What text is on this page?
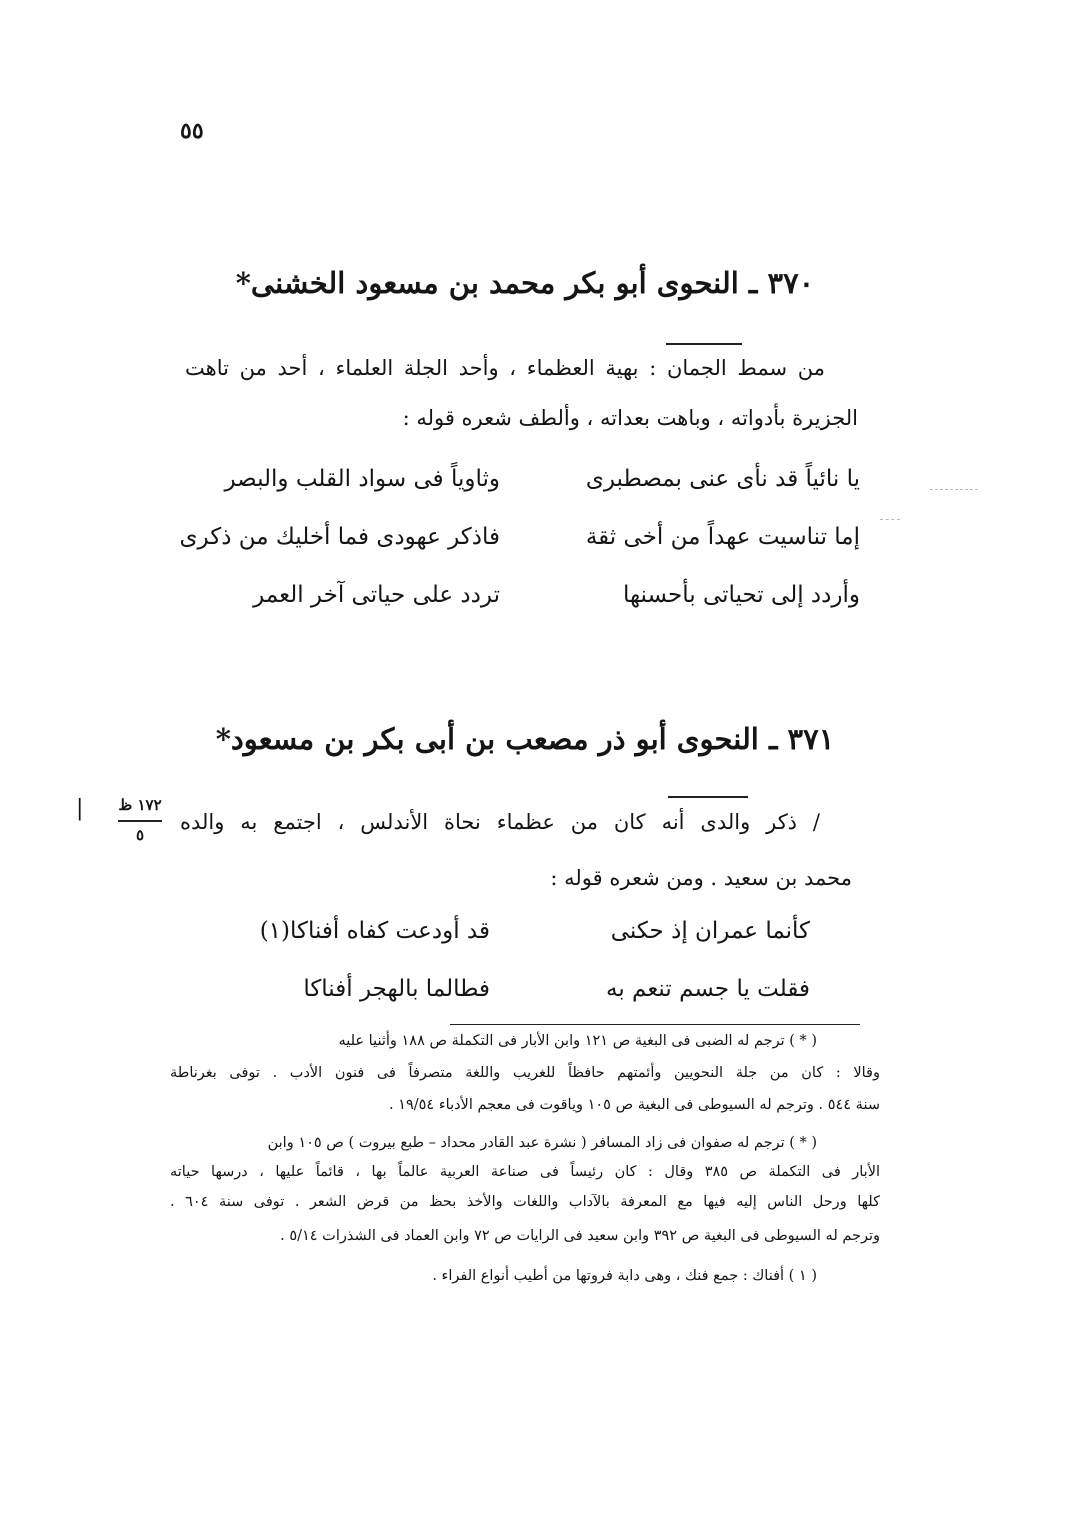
٥٥
٣٧٠ ـ النحوى أبو بكر محمد بن مسعود الخشنى*
من سمط الجمان : بهية العظماء ، وأحد الجلة العلماء ، أحد من تاهت
الجزيرة بأدواته ، وباهت بعداته ، وألطف شعره قوله :
يا نائياً قد نأى عنى بمصطبرى
وثاوياً فى سواد القلب والبصر
إما تناسيت عهداً من أخى ثقة
فاذكر عهودى فما أخليك من ذكرى
وأردد إلى تحياتى بأحسنها
تردد على حياتى آخر العمر
٣٧١ ـ النحوى أبو ذر مصعب بن أبى بكر بن مسعود*
١٧٢ ظ
٥
|
/ ذكر والدى أنه كان من عظماء نحاة الأندلس ، اجتمع به والده
محمد بن سعيد . ومن شعره قوله :
كأنما عمران إذ حكنى
قد أودعت كفاه أفناكا(١)
فقلت يا جسم تنعم به
فطالما بالهجر أفناكا
( * ) ترجم له الضبى فى البغية ص ١٢١ وابن الأبار فى التكملة ص ١٨٨ وأثنيا عليه
وقالا : كان من جلة النحويين وأئمتهم حافظاً للغريب واللغة متصرفاً فى فنون الأدب . توفى بغرناطة
سنة ٥٤٤ . وترجم له السيوطى فى البغية ص ١٠٥ وياقوت فى معجم الأدباء ١٩/٥٤ .
( * ) ترجم له صفوان فى زاد المسافر ( نشرة عبد القادر محداد – طبع بيروت ) ص ١٠٥ وابن
الأبار فى التكملة ص ٣٨٥ وقال : كان رئيساً فى صناعة العربية عالماً بها ، قائماً عليها ، درسها حياته
كلها ورحل الناس إليه فيها مع المعرفة بالآداب واللغات والأخذ بحظ من قرض الشعر . توفى سنة ٦٠٤ .
وترجم له السيوطى فى البغية ص ٣٩٢ وابن سعيد فى الرايات ص ٧٢ وابن العماد فى الشذرات ٥/١٤ .
( ١ ) أفناك : جمع فنك ، وهى دابة فروتها من أطيب أنواع الفراء .
